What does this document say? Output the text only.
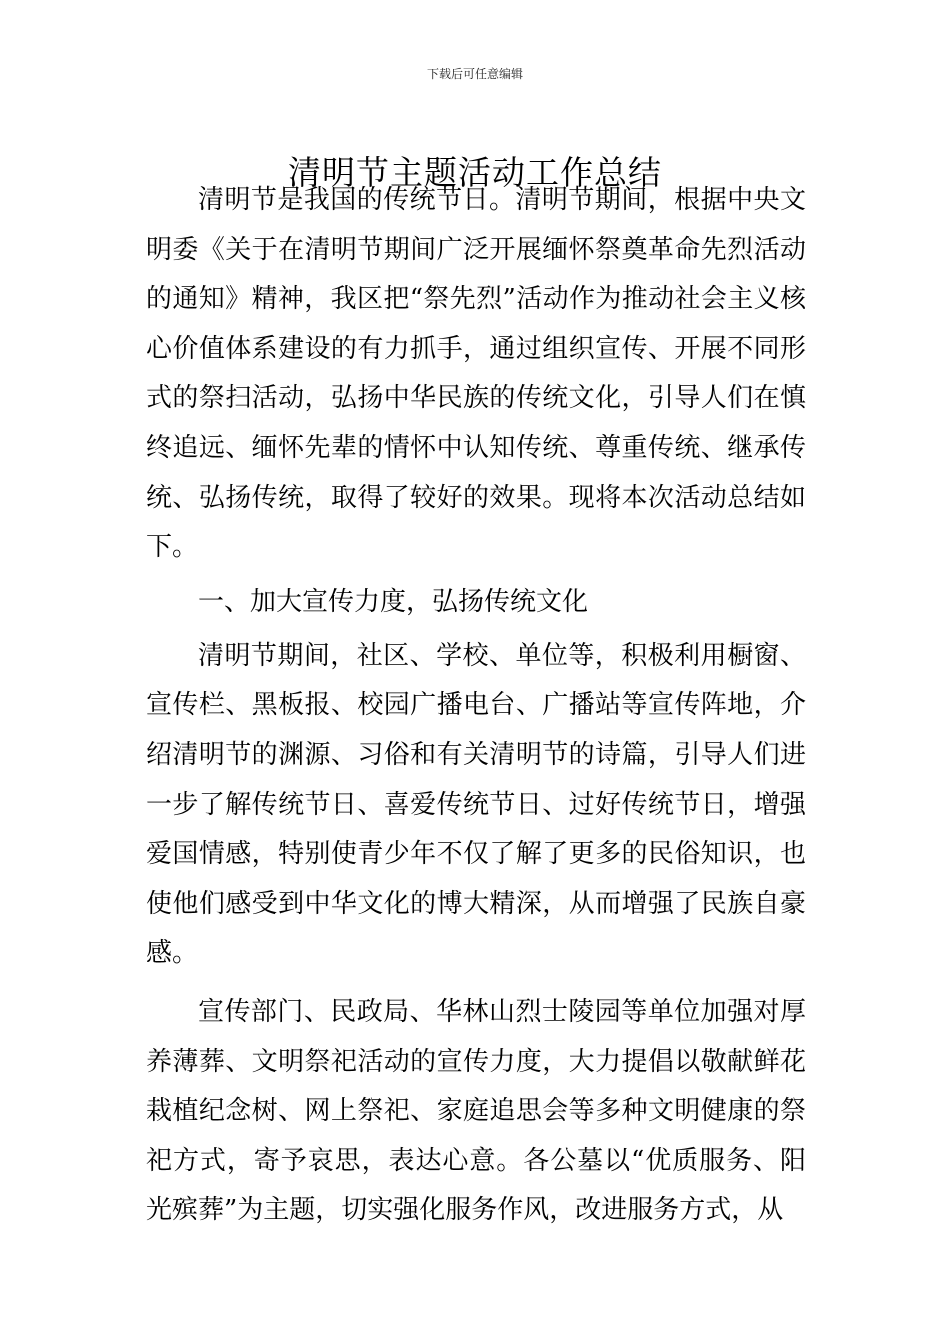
下载后可任意编辑
清明节主题活动工作总结

清明节是我国的传统节日。清明节期间，根据中央文明委《关于在清明节期间广泛开展缅怀祭奠革命先烈活动的通知》精神，我区把“祭先烈”活动作为推动社会主义核心价值体系建设的有力抓手，通过组织宣传、开展不同形式的祭扫活动，弘扬中华民族的传统文化，引导人们在慎终追远、缅怀先辈的情怀中认知传统、尊重传统、继承传统、弘扬传统，取得了较好的效果。现将本次活动总结如下。

一、加大宣传力度，弘扬传统文化

清明节期间，社区、学校、单位等，积极利用橱窗、宣传栏、黑板报、校园广播电台、广播站等宣传阵地，介绍清明节的渊源、习俗和有关清明节的诗篇，引导人们进一步了解传统节日、喜爱传统节日、过好传统节日，增强爱国情感，特别使青少年不仅了解了更多的民俗知识，也使他们感受到中华文化的博大精深，从而增强了民族自豪感。

宣传部门、民政局、华林山烈士陵园等单位加强对厚养薄葬、文明祭祀活动的宣传力度，大力提倡以敬献鲜花栽植纪念树、网上祭祀、家庭追思会等多种文明健康的祭祀方式，寄予哀思，表达心意。各公墓以“优质服务、阳光殡葬”为主题，切实强化服务作风，改进服务方式，从
